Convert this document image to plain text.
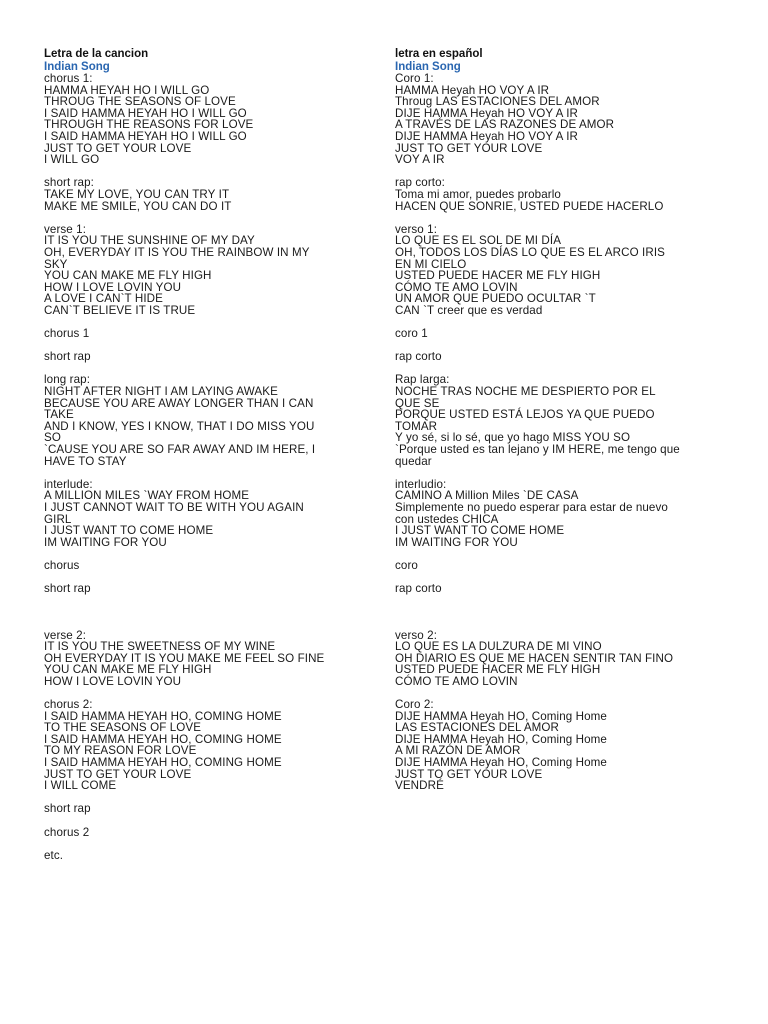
Letra de la cancion
Indian Song
chorus 1:
HAMMA HEYAH HO I WILL GO
THROUG THE SEASONS OF LOVE
I SAID HAMMA HEYAH HO I WILL GO
THROUGH THE REASONS FOR LOVE
I SAID HAMMA HEYAH HO I WILL GO
JUST TO GET YOUR LOVE
I WILL GO

short rap:
TAKE MY LOVE, YOU CAN TRY IT
MAKE ME SMILE, YOU CAN DO IT

verse 1:
IT IS YOU THE SUNSHINE OF MY DAY
OH, EVERYDAY IT IS YOU THE RAINBOW IN MY
SKY
YOU CAN MAKE ME FLY HIGH
HOW I LOVE LOVIN YOU
A LOVE I CAN`T HIDE
CAN`T BELIEVE IT IS TRUE

chorus 1

short rap

long rap:
NIGHT AFTER NIGHT I AM LAYING AWAKE
BECAUSE YOU ARE AWAY LONGER THAN I CAN
TAKE
AND I KNOW, YES I KNOW, THAT I DO MISS YOU
SO
`CAUSE YOU ARE SO FAR AWAY AND IM HERE, I
HAVE TO STAY

interlude:
A MILLION MILES `WAY FROM HOME
I JUST CANNOT WAIT TO BE WITH YOU AGAIN
GIRL
I JUST WANT TO COME HOME
IM WAITING FOR YOU

chorus

short rap

verse 2:
IT IS YOU THE SWEETNESS OF MY WINE
OH EVERYDAY IT IS YOU MAKE ME FEEL SO FINE
YOU CAN MAKE ME FLY HIGH
HOW I LOVE LOVIN YOU

chorus 2:
I SAID HAMMA HEYAH HO, COMING HOME
TO THE SEASONS OF LOVE
I SAID HAMMA HEYAH HO, COMING HOME
TO MY REASON FOR LOVE
I SAID HAMMA HEYAH HO, COMING HOME
JUST TO GET YOUR LOVE
I WILL COME

short rap

chorus 2

etc.
letra en español
Indian Song
Coro 1:
HAMMA Heyah HO VOY A IR
Throug LAS ESTACIONES DEL AMOR
DIJE HAMMA Heyah HO VOY A IR
A TRAVÉS DE LAS RAZONES DE AMOR
DIJE HAMMA Heyah HO VOY A IR
JUST TO GET YOUR LOVE
VOY A IR

rap corto:
Toma mi amor, puedes probarlo
HACEN QUE SONRIE, USTED PUEDE HACERLO

verso 1:
LO QUE ES EL SOL DE MI DÍA
OH, TODOS LOS DÍAS LO QUE ES EL ARCO IRIS
EN MI CIELO
USTED PUEDE HACER ME FLY HIGH
CÓMO TE AMO LOVIN
UN AMOR QUE PUEDO OCULTAR `T
CAN `T creer que es verdad

coro 1

rap corto

Rap larga:
NOCHE TRAS NOCHE ME DESPIERTO POR EL
QUE SE
PORQUE USTED ESTÁ LEJOS YA QUE PUEDO
TOMAR
Y yo sé, si lo sé, que yo hago MISS YOU SO
`Porque usted es tan lejano y IM HERE, me tengo que
quedar

interludio:
CAMINO A Million Miles `DE CASA
Simplemente no puedo esperar para estar de nuevo
con ustedes CHICA
I JUST WANT TO COME HOME
IM WAITING FOR YOU

coro

rap corto

verso 2:
LO QUE ES LA DULZURA DE MI VINO
OH DIARIO ES QUE ME HACEN SENTIR TAN FINO
USTED PUEDE HACER ME FLY HIGH
CÓMO TE AMO LOVIN

Coro 2:
DIJE HAMMA Heyah HO, Coming Home
LAS ESTACIONES DEL AMOR
DIJE HAMMA Heyah HO, Coming Home
A MI RAZÓN DE AMOR
DIJE HAMMA Heyah HO, Coming Home
JUST TO GET YOUR LOVE
VENDRÉ
